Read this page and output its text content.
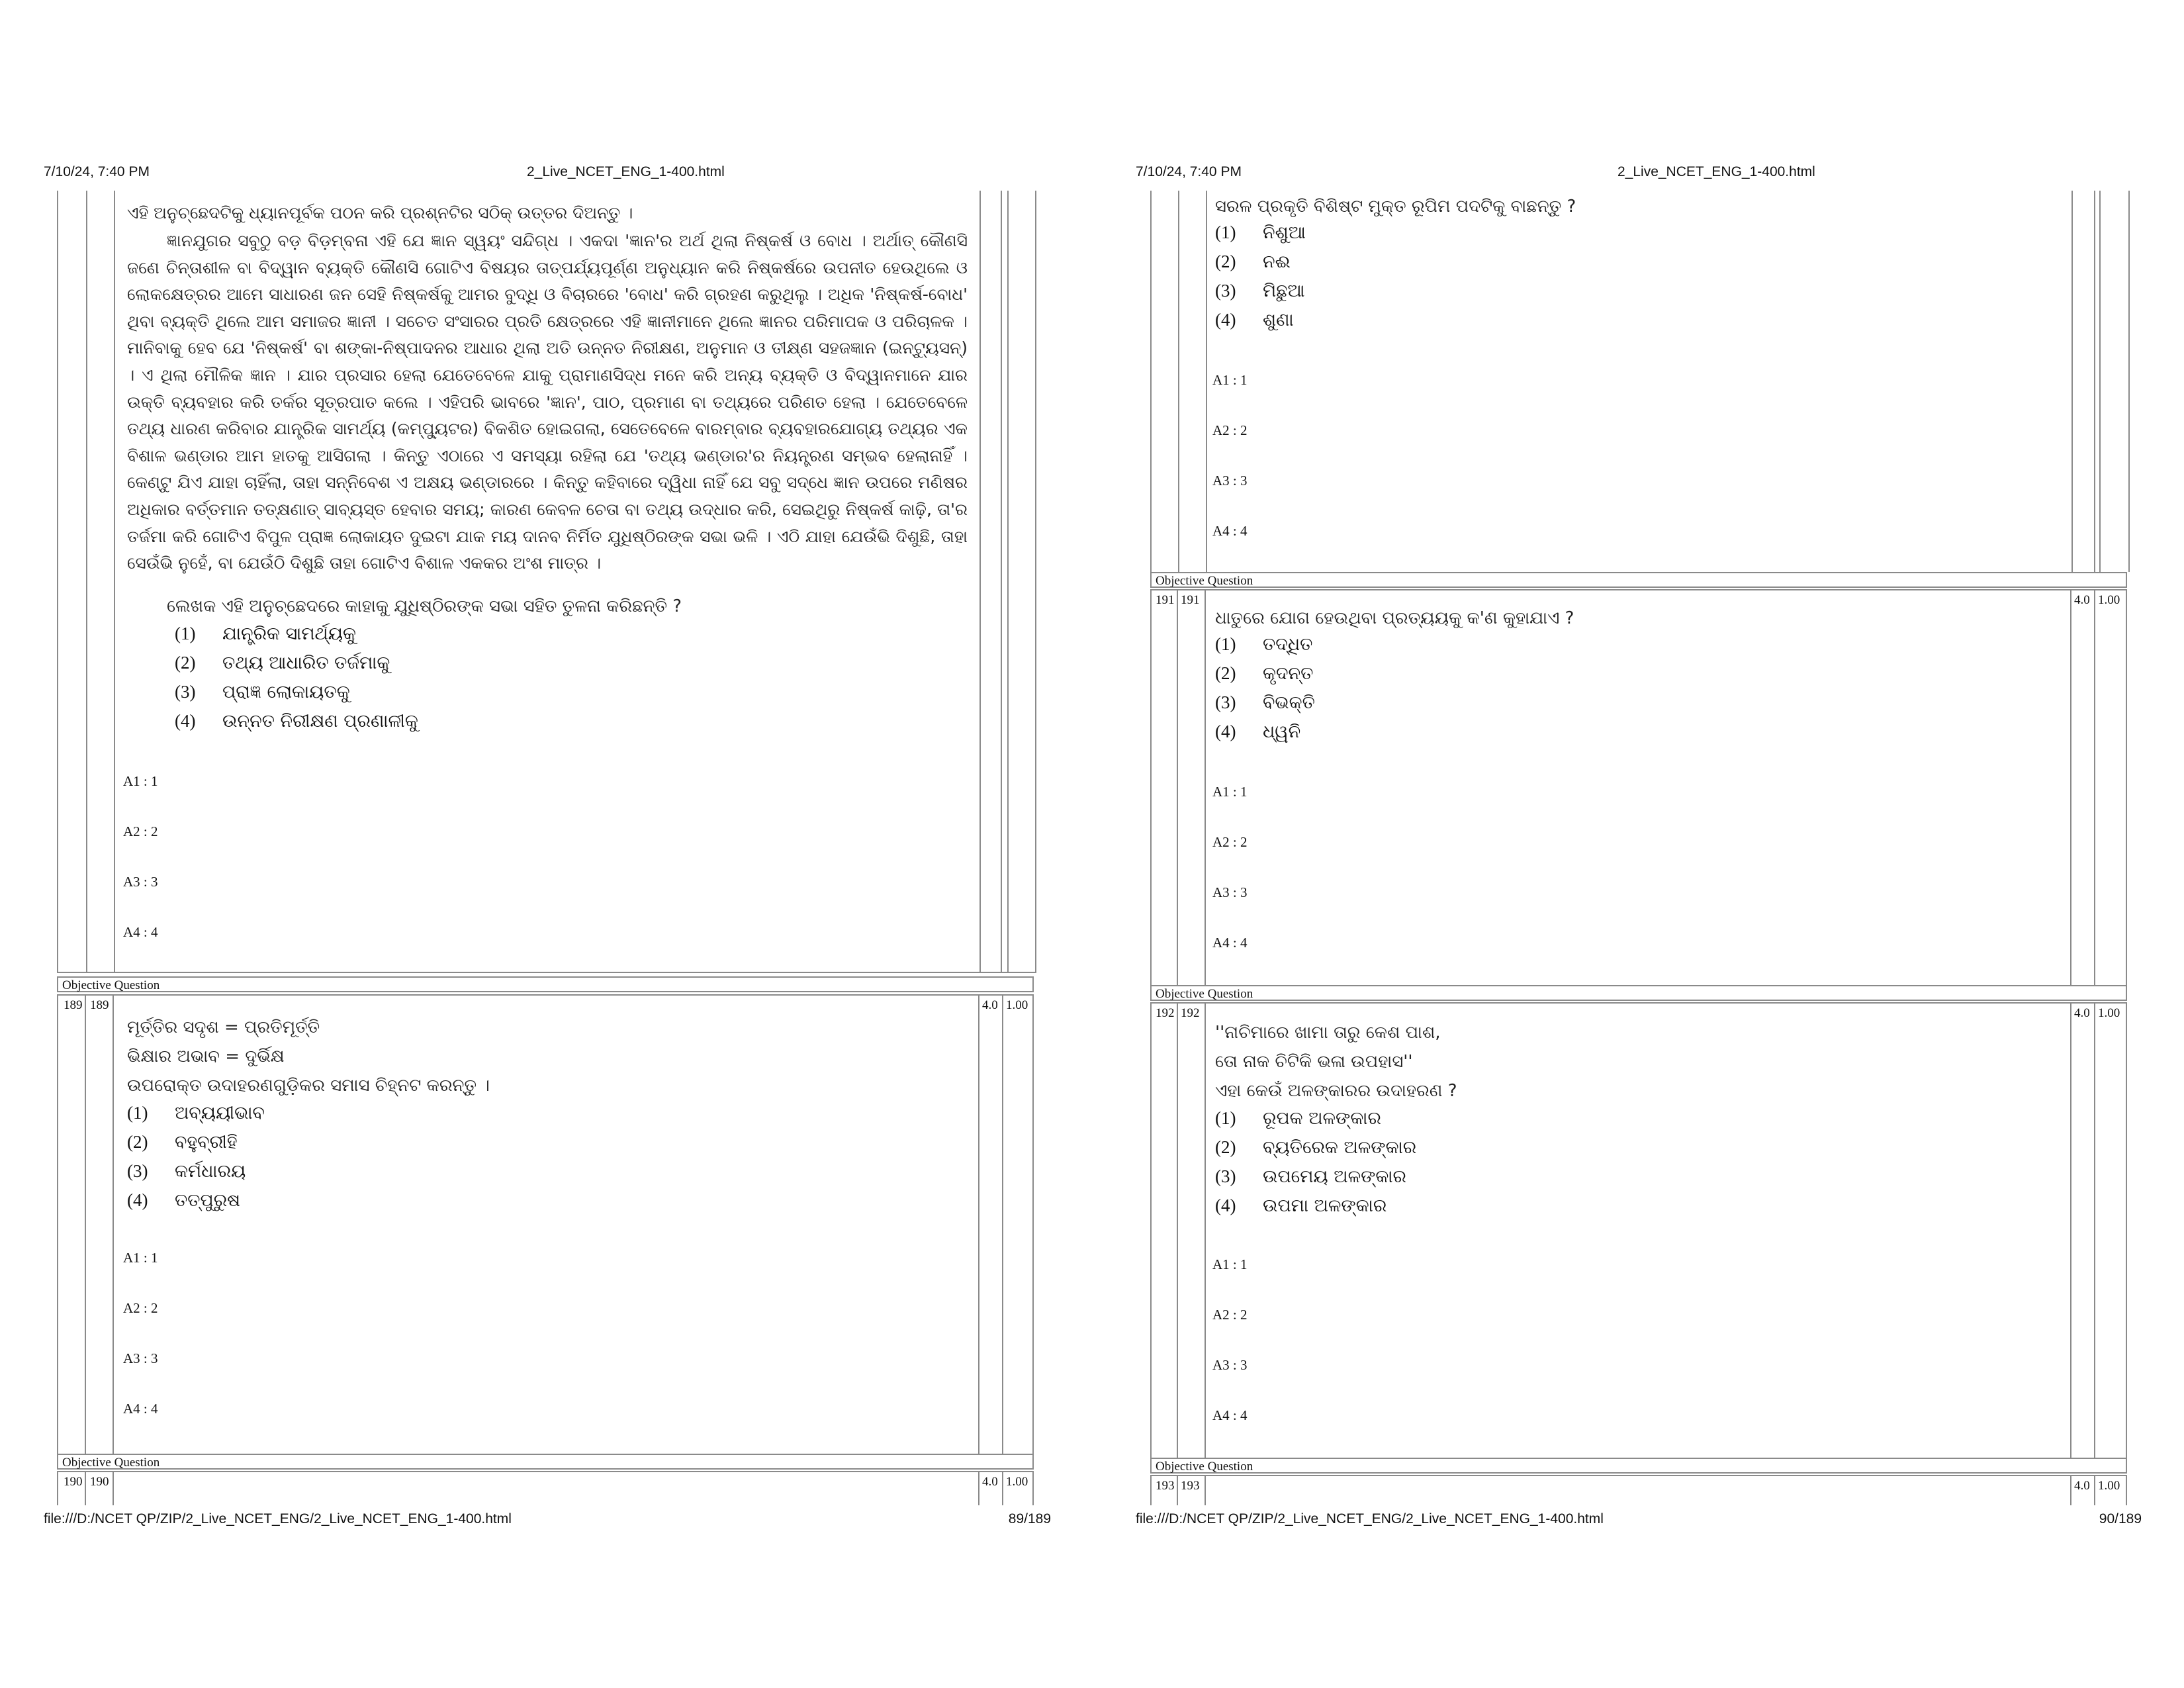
7/10/24, 7:40 PM	2_Live_NCET_ENG_1-400.html
ଏହି ଅନୁଚ୍ଛେଦଟିକୁ ଧ୍ୟାନପୂର୍ବକ ପଠନ କରି ପ୍ରଶ୍ନଟିର ସଠିକ୍ ଉତ୍ତର ଦିଅନ୍ତୁ ।
ଜ୍ଞାନଯୁଗର ସବୁଠୁ ବଡ଼ ବିଡ଼ମ୍ବନା ଏହି ଯେ ଜ୍ଞାନ ସ୍ୱୟଂ ସନ୍ଦିଗ୍ଧ । ଏକଦା 'ଜ୍ଞାନ'ର ଅର୍ଥ ଥିଲା ନିଷ୍କର୍ଷ ଓ ବୋଧ । ଅର୍ଥାତ୍ କୌଣସି ଜଣେ ଚିନ୍ତାଶୀଳ ବା ବିଦ୍ୱାନ ବ୍ୟକ୍ତି କୌଣସି ଗୋଟିଏ ବିଷୟର ତାତ୍ପର୍ଯ୍ୟପୂର୍ଣ୍ଣ ଅନୁଧ୍ୟାନ କରି ନିଷ୍କର୍ଷରେ ଉପନୀତ ହେଉଥିଲେ ଓ ଲୋକକ୍ଷେତ୍ରର ଆମେ ସାଧାରଣ ଜନ ସେହି ନିଷ୍କର୍ଷକୁ ଆମର ବୁଦ୍ଧି ଓ ବିଚାରରେ 'ବୋଧ' କରି ଗ୍ରହଣ କରୁଥିଲୁ । ଅଧିକ 'ନିଷ୍କର୍ଷ-ବୋଧ' ଥିବା ବ୍ୟକ୍ତି ଥିଲେ ଆମ ସମାଜର ଜ୍ଞାନୀ । ସଚେତ ସଂସାରର ପ୍ରତି କ୍ଷେତ୍ରରେ ଏହି ଜ୍ଞାନୀମାନେ ଥିଲେ ଜ୍ଞାନର ପରିମାପକ ଓ ପରିଚାଳକ । ମାନିବାକୁ ହେବ ଯେ 'ନିଷ୍କର୍ଷ' ବା ଶଙ୍କା-ନିଷ୍ପାଦନର ଆଧାର ଥିଲା ଅତି ଉନ୍ନତ ନିରୀକ୍ଷଣ, ଅନୁମାନ ଓ ତୀକ୍ଷ୍ଣ ସହଜଜ୍ଞାନ (ଇନ୍‌ଟ୍ୟୁସନ୍) । ଏ ଥିଲା ମୌଳିକ ଜ୍ଞାନ । ଯାର ପ୍ରସାର ହେଲା ଯେତେବେଳେ ଯାକୁ ପ୍ରାମାଣସିଦ୍ଧ ମନେ କରି ଅନ୍ୟ ବ୍ୟକ୍ତି ଓ ବିଦ୍ୱାନମାନେ ଯାର ଉକ୍ତି ବ୍ୟବହାର କରି ତର୍କର ସୂତ୍ରପାତ କଲେ । ଏହିପରି ଭାବରେ 'ଜ୍ଞାନ', ପାଠ, ପ୍ରମାଣ ବା ତଥ୍ୟରେ ପରିଣତ ହେଲା । ଯେତେବେଳେ ତଥ୍ୟ ଧାରଣ କରିବାର ଯାନ୍ତ୍ରିକ ସାମର୍ଥ୍ୟ (କମ୍ପ୍ୟୁଟର) ବିକଶିତ ହୋଇଗଲା, ସେତେବେଳେ ବାରମ୍ବାର ବ୍ୟବହାରଯୋଗ୍ୟ ତଥ୍ୟର ଏକ ବିଶାଳ ଭଣ୍ଡାର ଆମ ହାତକୁ ଆସିଗଲା । କିନ୍ତୁ ଏଠାରେ ଏ ସମସ୍ୟା ରହିଲା ଯେ 'ତଥ୍ୟ ଭଣ୍ଡାର'ର ନିୟନ୍ତ୍ରଣ ସମ୍ଭବ ହେଲାନାହିଁ । କେଣ୍ଟୁ ଯିଏ ଯାହା ଚାହିଁଲା, ତାହା ସନ୍ନିବେଶ ଏ ଅକ୍ଷୟ ଭଣ୍ଡାରରେ । କିନ୍ତୁ କହିବାରେ ଦ୍ୱିଧା ନାହିଁ ଯେ ସବୁ ସଦ୍ଧେ ଜ୍ଞାନ ଉପରେ ମଣିଷର ଅଧିକାର ବର୍ତ୍ତମାନ ତତ୍‌କ୍ଷଣାତ୍ ସାବ୍ୟସ୍ତ ହେବାର ସମୟ; କାରଣ କେବଳ ଚେତା ବା ତଥ୍ୟ ଉଦ୍ଧାର କରି, ସେଇଥିରୁ ନିଷ୍କର୍ଷ କାଢ଼ି, ତା'ର ତର୍ଜମା କରି ଗୋଟିଏ ବିପୁଳ ପ୍ରାଜ୍ଞ ଲୋକାୟତ ଦୁଇଟା ଯାକ ମୟ ଦାନବ ନିର୍ମିତ ଯୁଧିଷ୍ଠିରଙ୍କ ସଭା ଭଳି । ଏଠି ଯାହା ଯେଉଁଭି ଦିଶୁଛି, ତାହା ସେଉଁଭି ନୁହେଁ, ବା ଯେଉଁଠି ଦିଶୁଛି ତାହା ଗୋଟିଏ ବିଶାଳ ଏକକର ଅଂଶ ମାତ୍ର ।
ଲେଖକ ଏହି ଅନୁଚ୍ଛେଦରେ କାହାକୁ ଯୁଧିଷ୍ଠିରଙ୍କ ସଭା ସହିତ ତୁଳନା କରିଛନ୍ତି ?
(1) ଯାନ୍ତ୍ରିକ ସାମର୍ଥ୍ୟକୁ
(2) ତଥ୍ୟ ଆଧାରିତ ତର୍ଜମାକୁ
(3) ପ୍ରାଜ୍ଞ ଲୋକାୟତକୁ
(4) ଉନ୍ନତ ନିରୀକ୍ଷଣ ପ୍ରଣାଳୀକୁ
A1 : 1
A2 : 2
A3 : 3
A4 : 4
Objective Question
189 189	4.0 1.00
ମୂର୍ତ୍ତିର ସଦୃଶ = ପ୍ରତିମୂର୍ତ୍ତି
ଭିକ୍ଷାର ଅଭାବ = ଦୁର୍ଭିକ୍ଷ
ଉପରୋକ୍ତ ଉଦାହରଣଗୁଡ଼ିକର ସମାସ ଚିହ୍ନଟ କରନ୍ତୁ ।
(1) ଅବ୍ୟୟୀଭାବ
(2) ବହୁବ୍ରୀହି
(3) କର୍ମଧାରୟ
(4) ତତ୍ପୁରୁଷ
A1 : 1
A2 : 2
A3 : 3
A4 : 4
Objective Question
190 190	4.0 1.00
file:///D:/NCET QP/ZIP/2_Live_NCET_ENG/2_Live_NCET_ENG_1-400.html	89/189
7/10/24, 7:40 PM	2_Live_NCET_ENG_1-400.html
ସରଳ ପ୍ରକୃତି ବିଶିଷ୍ଟ ମୁକ୍ତ ରୂପିମ ପଦଟିକୁ ବାଛନ୍ତୁ ?
(1) ନିଶୁଆ
(2) ନଈ
(3) ମିଛୁଆ
(4) ଶୁଣା
A1 : 1
A2 : 2
A3 : 3
A4 : 4
Objective Question
191 191	4.0 1.00
ଧାତୁରେ ଯୋଗ ହେଉଥିବା ପ୍ରତ୍ୟୟକୁ କ'ଣ କୁହାଯାଏ ?
(1) ତଦ୍ଧିତ
(2) କୃଦନ୍ତ
(3) ବିଭକ୍ତି
(4) ଧ୍ୱନି
A1 : 1
A2 : 2
A3 : 3
A4 : 4
Objective Question
192 192	4.0 1.00
''ନାଚିମାରେ ଖାମା ତାରୁ କେଶ ପାଶ,
ତୋ ନାକ ଚିଟିକି ଭଳା ଉପହାସ''
ଏହା କେଉଁ ଅଳଙ୍କାରର ଉଦାହରଣ ?
(1) ରୂପକ ଅଳଙ୍କାର
(2) ବ୍ୟତିରେକ ଅଳଙ୍କାର
(3) ଉପମେୟ ଅଳଙ୍କାର
(4) ଉପମା ଅଳଙ୍କାର
A1 : 1
A2 : 2
A3 : 3
A4 : 4
Objective Question
193 193	4.0 1.00
file:///D:/NCET QP/ZIP/2_Live_NCET_ENG/2_Live_NCET_ENG_1-400.html	90/189
